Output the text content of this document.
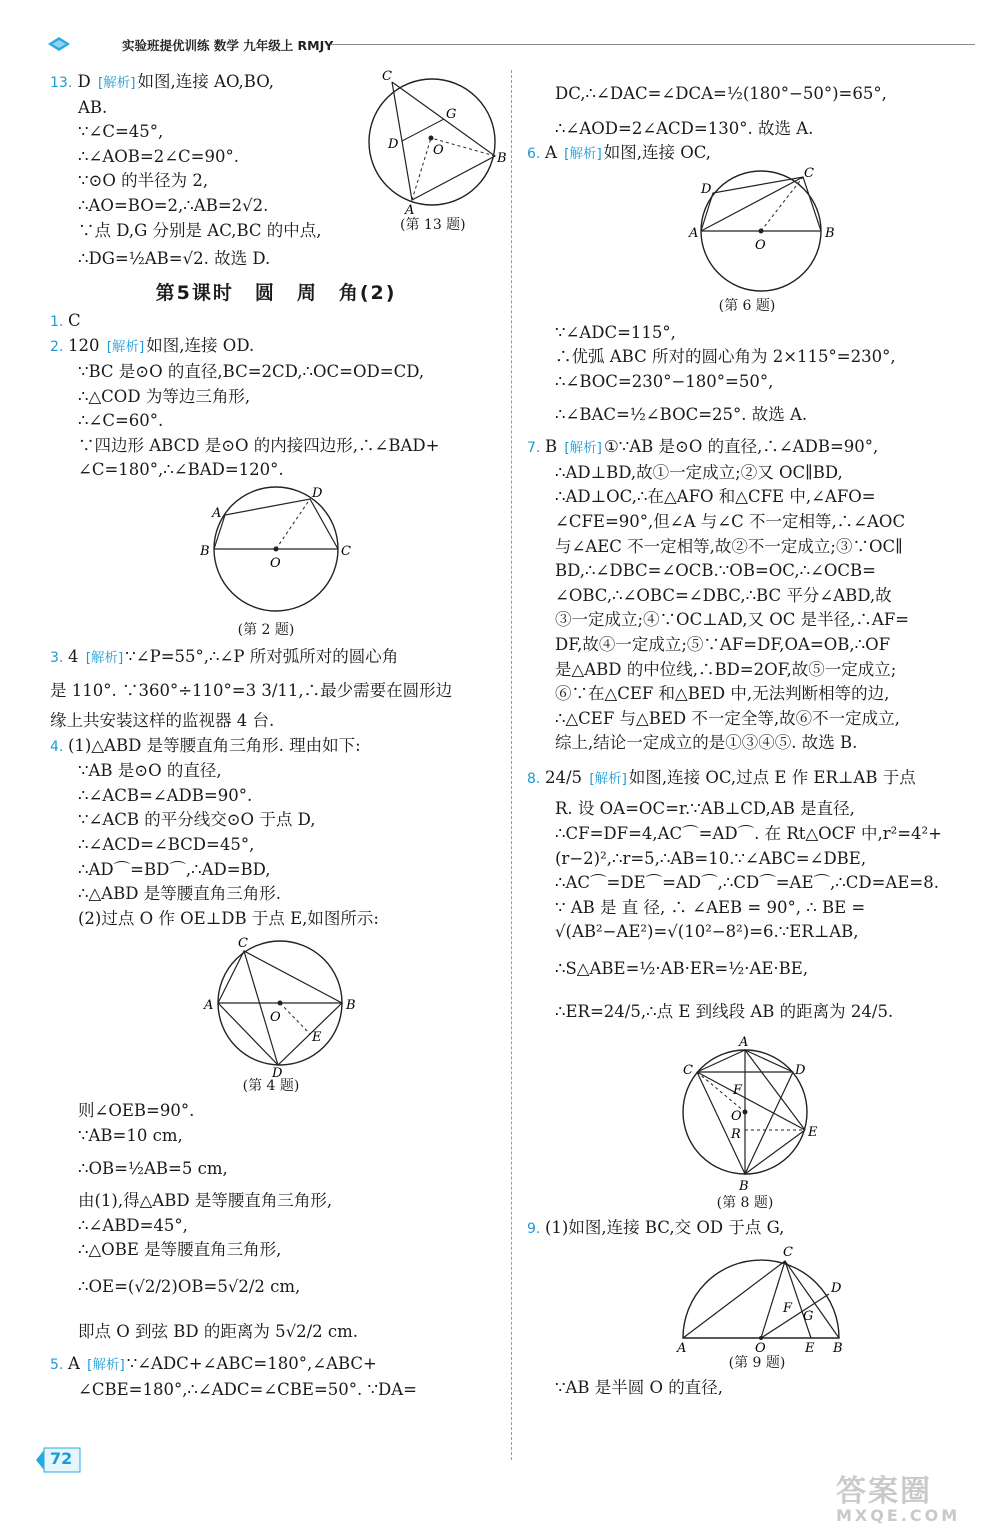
实验班提优训练 数学 九年级上 RMJY
C
G
D	O
B
A

13. D [解析] 如图,连接 AO,BO,

AB.

∵∠C=45°,

∴∠AOB=2∠C=90°.

∵⊙O 的半径为 2,

∴AO=BO=2,∴AB=2√2.

∵点 D,G 分别是 AC,BC 的中点,

∴DG=½AB=√2. 故选 D.

(第 13 题)
第5课时　圆　周　角(2)

1. C

2. 120 [解析] 如图,连接 OD.

∵BC 是⊙O 的直径,BC=2CD,∴OC=OD=CD,

∴△COD 为等边三角形,

∴∠C=60°.

∵四边形 ABCD 是⊙O 的内接四边形,∴∠BAD+

∠C=180°,∴∠BAD=120°.

A
D
B	C
O
(第 2 题)

3. 4 [解析] ∵∠P=55°,∴∠P 所对弧所对的圆心角

是 110°. ∵360°÷110°=3 3/11,∴最少需要在圆形边

缘上共安装这样的监视器 4 台.

4. (1)△ABD 是等腰直角三角形. 理由如下:

∵AB 是⊙O 的直径,

∴∠ACB=∠ADB=90°.

∵∠ACB 的平分线交⊙O 于点 D,

∴∠ACD=∠BCD=45°,

∴AD⌒=BD⌒,∴AD=BD,

∴△ABD 是等腰直角三角形.

(2)过点 O 作 OE⊥DB 于点 E,如图所示:

C
A	B
O
E
D
(第 4 题)

则∠OEB=90°.

∵AB=10 cm,

∴OB=½AB=5 cm,

由(1),得△ABD 是等腰直角三角形,

∴∠ABD=45°,

∴△OBE 是等腰直角三角形,

∴OE=(√2/2)OB=5√2/2 cm,

即点 O 到弦 BD 的距离为 5√2/2 cm.

5. A [解析] ∵∠ADC+∠ABC=180°,∠ABC+

∠CBE=180°,∴∠ADC=∠CBE=50°. ∵DA=

DC,∴∠DAC=∠DCA=½(180°−50°)=65°,

∴∠AOD=2∠ACD=130°. 故选 A.

6. A [解析] 如图,连接 OC,

D
C
A	B
O
(第 6 题)

∵∠ADC=115°,

∴优弧 ABC 所对的圆心角为 2×115°=230°,

∴∠BOC=230°−180°=50°,

∴∠BAC=½∠BOC=25°. 故选 A.

7. B [解析] ①∵AB 是⊙O 的直径,∴∠ADB=90°,

∴AD⊥BD,故①一定成立;②又 OC∥BD,

∴AD⊥OC,∴在△AFO 和△CFE 中,∠AFO=

∠CFE=90°,但∠A 与∠C 不一定相等,∴∠AOC

与∠AEC 不一定相等,故②不一定成立;③∵OC∥

BD,∴∠DBC=∠OCB.∵OB=OC,∴∠OCB=

∠OBC,∴∠OBC=∠DBC,∴BC 平分∠ABD,故

③一定成立;④∵OC⊥AD,又 OC 是半径,∴AF=

DF,故④一定成立;⑤∵AF=DF,OA=OB,∴OF

是△ABD 的中位线,∴BD=2OF,故⑤一定成立;

⑥∵在△CEF 和△BED 中,无法判断相等的边,

∴△CEF 与△BED 不一定全等,故⑥不一定成立,

综上,结论一定成立的是①③④⑤. 故选 B.

8. 24/5 [解析] 如图,连接 OC,过点 E 作 ER⊥AB 于点

R. 设 OA=OC=r.∵AB⊥CD,AB 是直径,

∴CF=DF=4,AC⌒=AD⌒. 在 Rt△OCF 中,r²=4²+

(r−2)²,∴r=5,∴AB=10.∵∠ABC=∠DBE,

∴AC⌒=DE⌒=AD⌒,∴CD⌒=AE⌒,∴CD=AE=8.

∵ AB 是 直 径, ∴ ∠AEB = 90°, ∴ BE =

√(AB²−AE²)=√(10²−8²)=6.∵ER⊥AB,

∴S△ABE=½·AB·ER=½·AE·BE,

∴ER=24/5,∴点 E 到线段 AB 的距离为 24/5.

A
C	D
F
O
R	E
B
(第 8 题)

9. (1)如图,连接 BC,交 OD 于点 G,

C
D
F
G
A	O	E B
(第 9 题)

∵AB 是半圆 O 的直径,

72
答案圈
MXQE.COM
